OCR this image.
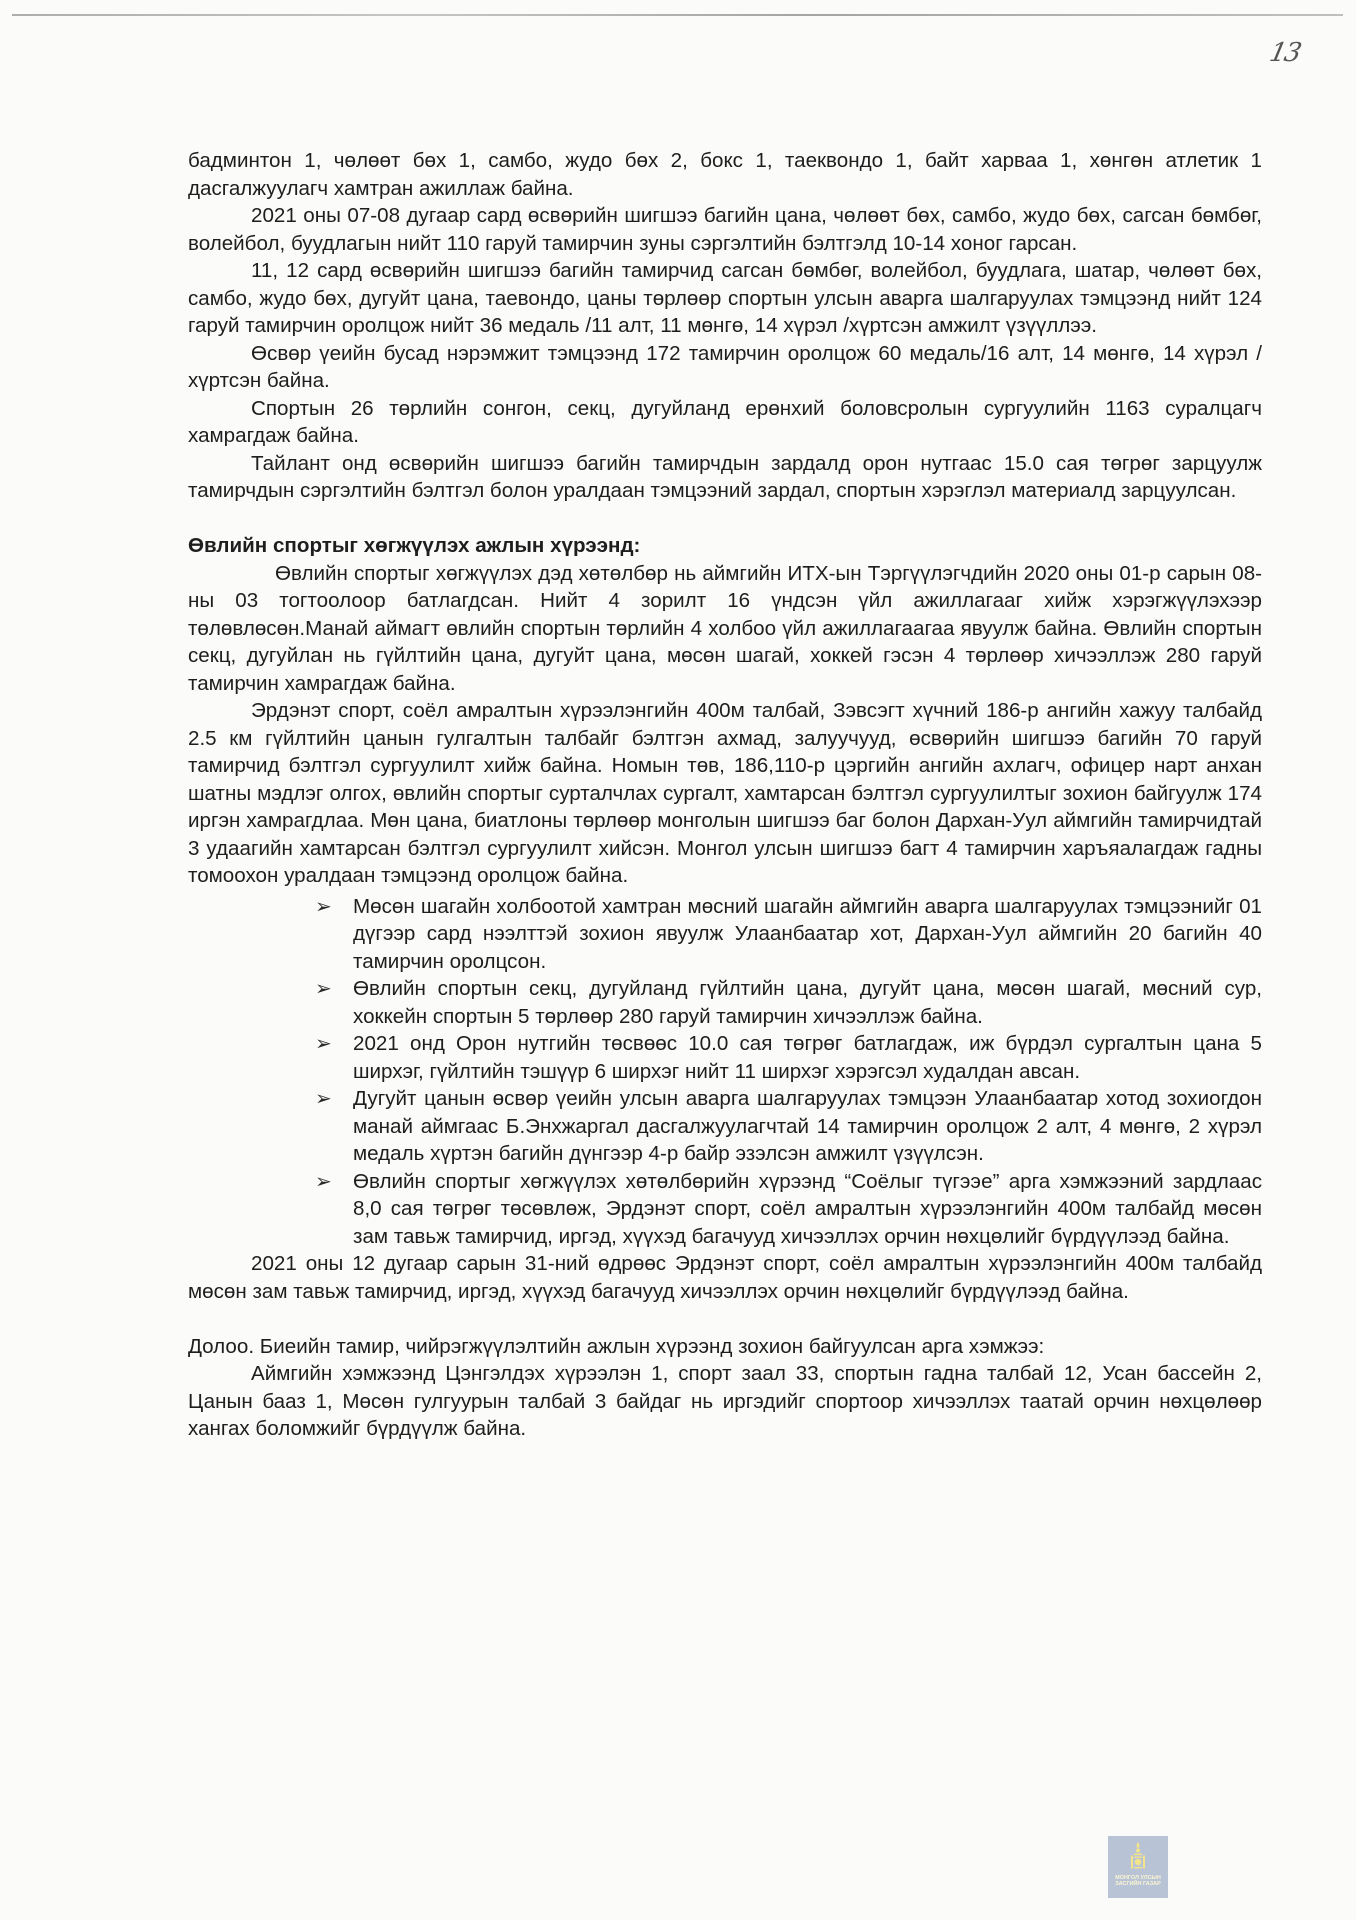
13

бадминтон 1, чөлөөт бөх 1, самбо, жудо бөх 2, бокс 1, таеквондо 1, байт харваа 1, хөнгөн атлетик 1 дасгалжуулагч хамтран ажиллаж байна.

2021 оны 07-08 дугаар сард өсвөрийн шигшээ багийн цана, чөлөөт бөх, самбо, жудо бөх, сагсан бөмбөг, волейбол, буудлагын нийт 110 гаруй тамирчин зуны сэргэлтийн бэлтгэлд 10-14 хоног гарсан.

11, 12 сард өсвөрийн шигшээ багийн тамирчид сагсан бөмбөг, волейбол, буудлага, шатар, чөлөөт бөх, самбо, жудо бөх, дугуйт цана, таевондо, цаны төрлөөр спортын улсын аварга шалгаруулах тэмцээнд нийт 124 гаруй тамирчин оролцож нийт 36 медаль /11 алт, 11 мөнгө, 14 хүрэл /хүртсэн амжилт үзүүллээ.

Өсвөр үеийн бусад нэрэмжит тэмцээнд 172 тамирчин оролцож 60 медаль/16 алт, 14 мөнгө, 14 хүрэл / хүртсэн байна.

Спортын 26 төрлийн сонгон, секц, дугуйланд ерөнхий боловсролын сургуулийн 1163 суралцагч хамрагдаж байна.

Тайлант онд өсвөрийн шигшээ багийн тамирчдын зардалд орон нутгаас 15.0 сая төгрөг зарцуулж тамирчдын сэргэлтийн бэлтгэл болон уралдаан тэмцээний зардал, спортын хэрэглэл материалд зарцуулсан.

Өвлийн спортыг хөгжүүлэх ажлын хүрээнд:

Өвлийн спортыг хөгжүүлэх дэд хөтөлбөр нь аймгийн ИТХ-ын Тэргүүлэгчдийн 2020 оны 01-р сарын 08-ны 03 тогтоолоор батлагдсан. Нийт 4 зорилт 16 үндсэн үйл ажиллагааг хийж хэрэгжүүлэхээр төлөвлөсөн.Манай аймагт өвлийн спортын төрлийн 4 холбоо үйл ажиллагаагаа явуулж байна. Өвлийн спортын секц, дугуйлан нь гүйлтийн цана, дугуйт цана, мөсөн шагай, хоккей гэсэн 4 төрлөөр хичээллэж 280 гаруй тамирчин хамрагдаж байна.

Эрдэнэт спорт, соёл амралтын хүрээлэнгийн 400м талбай, Зэвсэгт хүчний 186-р ангийн хажуу талбайд 2.5 км гүйлтийн цанын гулгалтын талбайг бэлтгэн ахмад, залуучууд, өсвөрийн шигшээ багийн 70 гаруй тамирчид бэлтгэл сургуулилт хийж байна. Номын төв, 186,110-р цэргийн ангийн ахлагч, офицер нарт анхан шатны мэдлэг олгох, өвлийн спортыг сурталчлах сургалт, хамтарсан бэлтгэл сургуулилтыг зохион байгуулж 174 иргэн хамрагдлаа. Мөн цана, биатлоны төрлөөр монголын шигшээ баг болон Дархан-Уул аймгийн тамирчидтай 3 удаагийн хамтарсан бэлтгэл сургуулилт хийсэн. Монгол улсын шигшээ багт 4 тамирчин харъяалагдаж гадны томоохон уралдаан тэмцээнд оролцож байна.

➢ Мөсөн шагайн холбоотой хамтран мөсний шагайн аймгийн аварга шалгаруулах тэмцээнийг 01 дүгээр сард нээлттэй зохион явуулж Улаанбаатар хот, Дархан-Уул аймгийн 20 багийн 40 тамирчин оролцсон.
➢ Өвлийн спортын секц, дугуйланд гүйлтийн цана, дугуйт цана, мөсөн шагай, мөсний сур, хоккейн спортын 5 төрлөөр 280 гаруй тамирчин хичээллэж байна.
➢ 2021 онд Орон нутгийн төсвөөс 10.0 сая төгрөг батлагдаж, иж бүрдэл сургалтын цана 5 ширхэг, гүйлтийн тэшүүр 6 ширхэг нийт 11 ширхэг хэрэгсэл худалдан авсан.
➢ Дугуйт цанын өсвөр үеийн улсын аварга шалгаруулах тэмцээн Улаанбаатар хотод зохиогдон манай аймгаас Б.Энхжаргал дасгалжуулагчтай 14 тамирчин оролцож 2 алт, 4 мөнгө, 2 хүрэл медаль хүртэн багийн дүнгээр 4-р байр эзэлсэн амжилт үзүүлсэн.
➢ Өвлийн спортыг хөгжүүлэх хөтөлбөрийн хүрээнд “Соёлыг түгээе” арга хэмжээний зардлаас 8,0 сая төгрөг төсөвлөж, Эрдэнэт спорт, соёл амралтын хүрээлэнгийн 400м талбайд мөсөн зам тавьж тамирчид, иргэд, хүүхэд багачууд хичээллэх орчин нөхцөлийг бүрдүүлээд байна.

2021 оны 12 дугаар сарын 31-ний өдрөөс Эрдэнэт спорт, соёл амралтын хүрээлэнгийн 400м талбайд мөсөн зам тавьж тамирчид, иргэд, хүүхэд багачууд хичээллэх орчин нөхцөлийг бүрдүүлээд байна.

Долоо. Биеийн тамир, чийрэгжүүлэлтийн ажлын хүрээнд зохион байгуулсан арга хэмжээ:

Аймгийн хэмжээнд Цэнгэлдэх хүрээлэн 1, спорт заал 33, спортын гадна талбай 12, Усан бассейн 2, Цанын бааз 1, Мөсөн гулгуурын талбай 3 байдаг нь иргэдийг спортоор хичээллэх таатай орчин нөхцөлөөр хангах боломжийг бүрдүүлж байна.

МОНГОЛ УЛСЫН
ЗАСГИЙН ГАЗАР
